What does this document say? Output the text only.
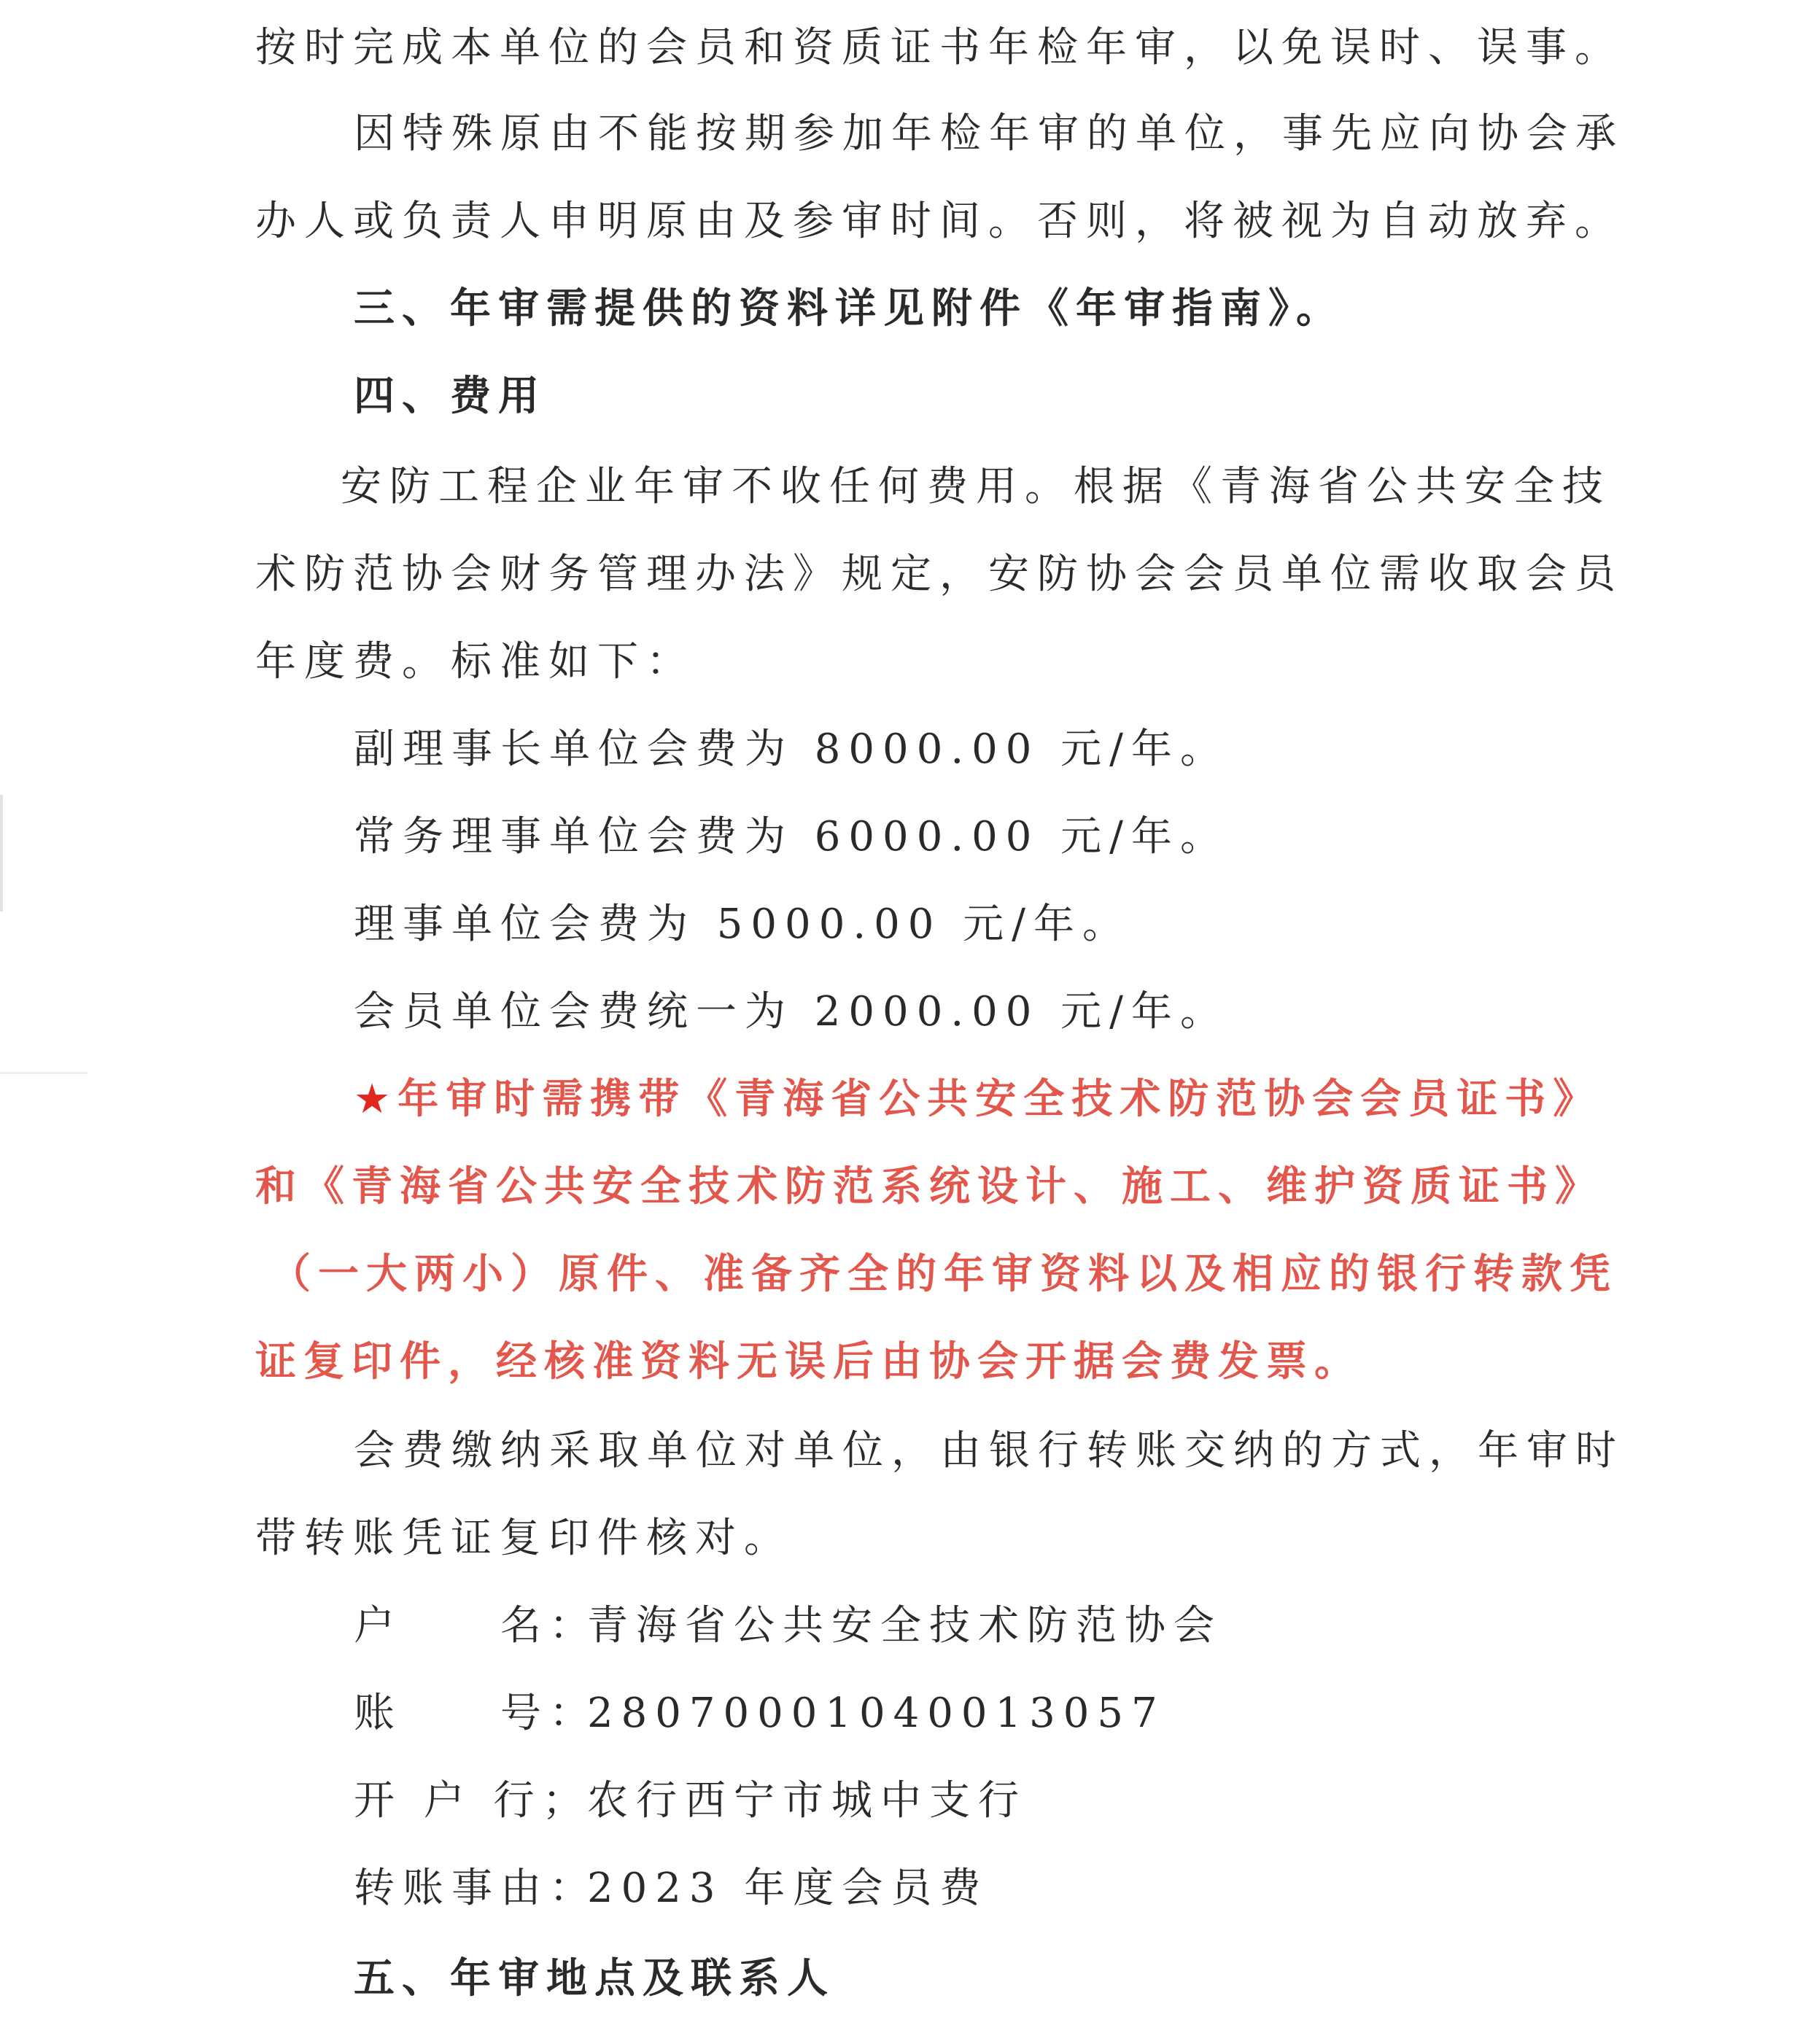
按时完成本单位的会员和资质证书年检年审，以免误时、误事。
因特殊原由不能按期参加年检年审的单位，事先应向协会承
办人或负责人申明原由及参审时间。否则，将被视为自动放弃。
三、年审需提供的资料详见附件《年审指南》。
四、费用
安防工程企业年审不收任何费用。根据《青海省公共安全技
术防范协会财务管理办法》规定，安防协会会员单位需收取会员
年度费。标准如下：
副理事长单位会费为 8000.00 元/年。
常务理事单位会费为 6000.00 元/年。
理事单位会费为 5000.00 元/年。
会员单位会费统一为 2000.00 元/年。
★年审时需携带《青海省公共安全技术防范协会会员证书》
和《青海省公共安全技术防范系统设计、施工、维护资质证书》
（一大两小）原件、准备齐全的年审资料以及相应的银行转款凭
证复印件，经核准资料无误后由协会开据会费发票。
会费缴纳采取单位对单位，由银行转账交纳的方式，年审时
带转账凭证复印件核对。
户　　名：青海省公共安全技术防范协会
账　　号：28070001040013057
开 户 行；农行西宁市城中支行
转账事由：2023 年度会员费
五、年审地点及联系人
